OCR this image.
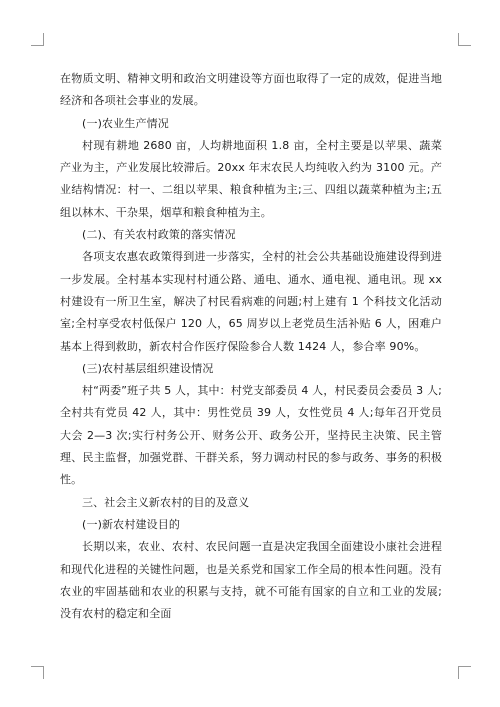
在物质文明、精神文明和政治文明建设等方面也取得了一定的成效，促进当地经济和各项社会事业的发展。

(一)农业生产情况

村现有耕地 2680 亩，人均耕地面积 1.8 亩，全村主要是以苹果、蔬菜产业为主，产业发展比较滞后。20xx 年末农民人均纯收入约为 3100 元。产业结构情况：村一、二组以苹果、粮食种植为主;三、四组以蔬菜种植为主;五组以林木、干杂果，烟草和粮食种植为主。

(二)、有关农村政策的落实情况

各项支农惠农政策得到进一步落实，全村的社会公共基础设施建设得到进一步发展。全村基本实现村村通公路、通电、通水、通电视、通电讯。现 xx 村建设有一所卫生室，解决了村民看病难的问题;村上建有 1 个科技文化活动室;全村享受农村低保户 120 人，65 周岁以上老党员生活补贴 6 人，困难户基本上得到救助，新农村合作医疗保险参合人数 1424 人，参合率 90%。

(三)农村基层组织建设情况

村“两委”班子共 5 人，其中：村党支部委员 4 人，村民委员会委员 3 人;全村共有党员 42 人，其中：男性党员 39 人，女性党员 4 人;每年召开党员大会 2—3 次;实行村务公开、财务公开、政务公开，坚持民主决策、民主管理、民主监督，加强党群、干群关系，努力调动村民的参与政务、事务的积极性。

三、社会主义新农村的目的及意义

(一)新农村建设目的

长期以来，农业、农村、农民问题一直是决定我国全面建设小康社会进程和现代化进程的关键性问题，也是关系党和国家工作全局的根本性问题。没有农业的牢固基础和农业的积累与支持，就不可能有国家的自立和工业的发展;没有农村的稳定和全面
